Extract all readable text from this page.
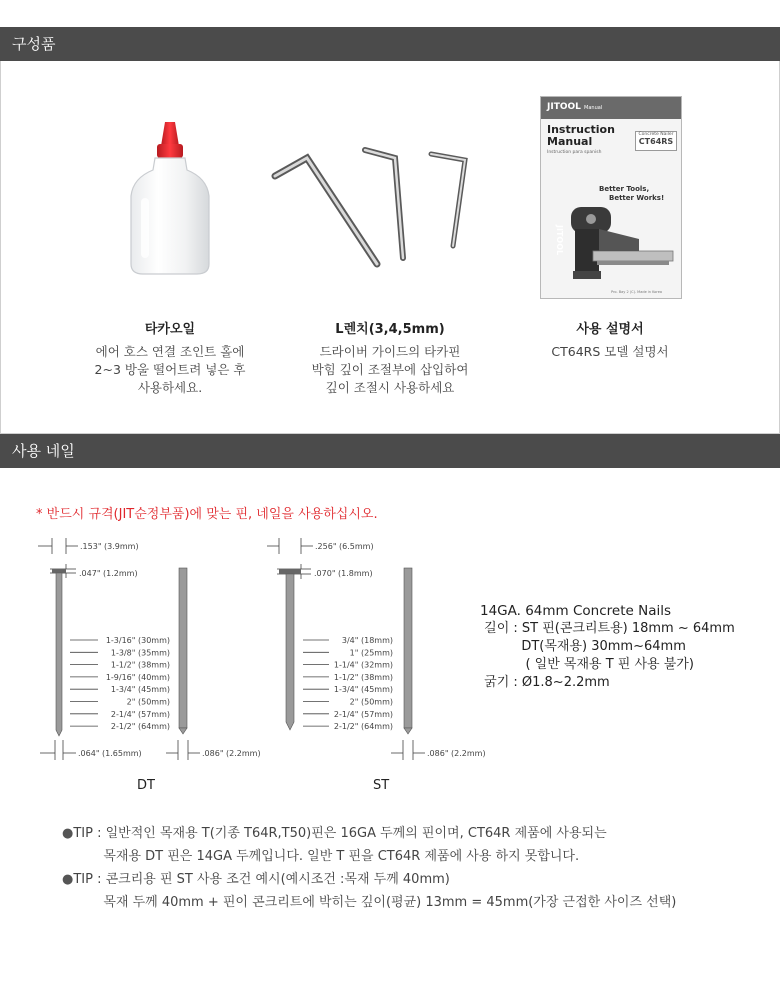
구성품
JITOOL Manual
Instruction
Manual
Instruction para spanish
Concrete Nailer
CT64RS
Better Tools,
Better Works!
JITOOL
Pro. Bay 2 (C). Made in Korea
타카오일
에어 호스 연결 조인트 홀에
2~3 방울 떨어트려 넣은 후
사용하세요.
L렌치(3,4,5mm)
드라이버 가이드의 타카핀
박힘 깊이 조절부에 삽입하여
깊이 조절시 사용하세요
사용 설명서
CT64RS 모델 설명서
사용 네일
* 반드시 규격(JIT순정부품)에 맞는 핀, 네일을 사용하십시오.
.153" (3.9mm)
.047" (1.2mm)
.064" (1.65mm)	.086" (2.2mm)
1-3/16" (30mm)
1-3/8" (35mm)
1-1/2" (38mm)
1-9/16" (40mm)
1-3/4" (45mm)
2" (50mm)
2-1/4" (57mm)
2-1/2" (64mm)
DT
.256" (6.5mm)
.070" (1.8mm)
.086" (2.2mm)
3/4" (18mm)
1" (25mm)
1-1/4" (32mm)
1-1/2" (38mm)
1-3/4" (45mm)
2" (50mm)
2-1/4" (57mm)
2-1/2" (64mm)
ST
14GA. 64mm Concrete Nails
길이 : ST 핀(콘크리트용) 18mm ~ 64mm
DT(목재용) 30mm~64mm
( 일반 목재용 T 핀 사용 불가)
굵기 : Ø1.8~2.2mm
●TIP : 일반적인 목재용 T(기종 T64R,T50)핀은 16GA 두께의 핀이며, CT64R 제품에 사용되는
목재용 DT 핀은 14GA 두께입니다. 일반 T 핀을 CT64R 제품에 사용 하지 못합니다.
●TIP : 콘크리용 핀 ST 사용 조건 예시(예시조건 :목재 두께 40mm)
목재 두께 40mm + 핀이 콘크리트에 박히는 깊이(평균) 13mm = 45mm(가장 근접한 사이즈 선택)
